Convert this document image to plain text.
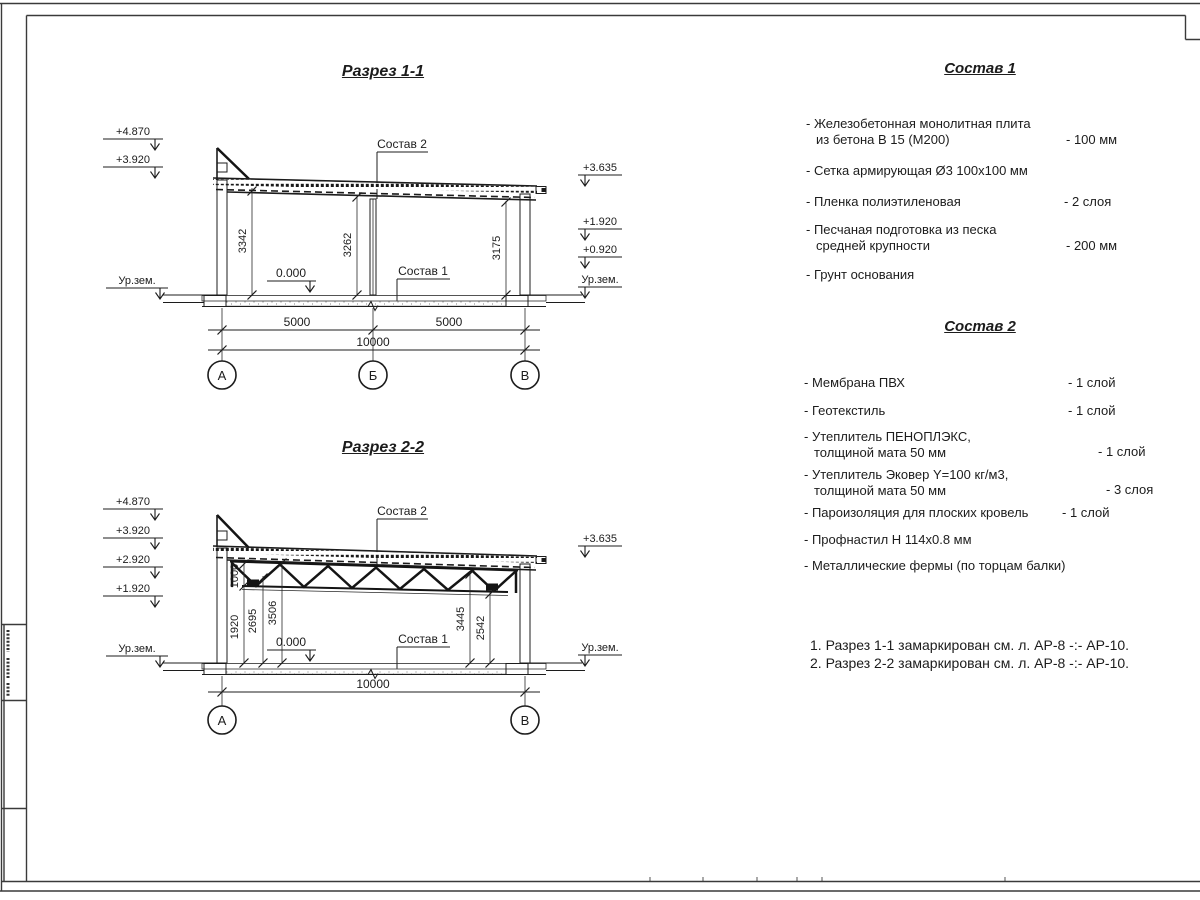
+4.870
+3.920
+3.635
+1.920
+0.920
Ур.зем.	Ур.зем.
0.000
Состав 2
Состав 1
3342	3262	3175
5000	5000
10000
А	Б	В
+4.870
+3.920
+2.920
+1.920
+3.635
Ур.зем.	Ур.зем.
0.000
Состав 2
Состав 1
1000
1920 2695 3506	3445 2542
10000
А	В
Разрез 1-1
Разрез 2-2
Состав 1
- Железобетонная монолитная плита
из бетона В 15 (М200)	- 100 мм
- Сетка армирующая Ø3 100x100 мм
- Пленка полиэтиленовая	- 2 слоя
- Песчаная подготовка из песка
средней крупности	- 200 мм
- Грунт основания
Состав 2
- Мембрана ПВХ	- 1 слой
- Геотекстиль	- 1 слой
- Утеплитель ПЕНОПЛЭКС,
толщиной мата 50 мм	- 1 слой
- Утеплитель Эковер Y=100 кг/м3,
толщиной мата 50 мм	- 3 слоя
- Пароизоляция для плоских кровель	- 1 слой
- Профнастил Н 114х0.8 мм
- Металлические фермы (по торцам балки)
1. Разрез 1-1 замаркирован см. л. АР-8 -:- АР-10.
2. Разрез 2-2 замаркирован см. л. АР-8 -:- АР-10.
